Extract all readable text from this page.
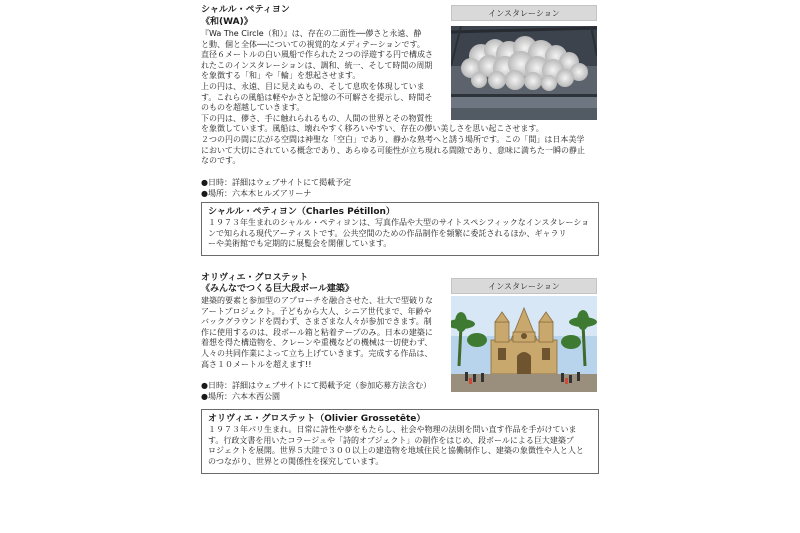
インスタレーション
シャルル・ペティヨン
《和(WA)》
『Wa The Circle（和）』は、存在の二面性──儚さと永遠、静
と動、個と全体──についての視覚的なメディテーションです。
直径６メートルの白い風船で作られた２つの浮遊する円で構成さ
れたこのインスタレーションは、調和、統一、そして時間の周期
を象徴する「和」や「輪」を想起させます。
上の円は、永遠、目に見えぬもの、そして息吹を体現していま
す。これらの風船は軽やかさと記憶の不可解さを提示し、時間そ
のものを超越していきます。
下の円は、儚さ、手に触れられるもの、人間の世界とその物質性
を象徴しています。風船は、壊れやすく移ろいやすい、存在の儚い美しさを思い起こさせます。
２つの円の間に広がる空間は神聖な「空白」であり、静かな熟考へと誘う場所です。この「間」は日本美学
において大切にされている概念であり、あらゆる可能性が立ち現れる間隙であり、意味に満ちた一瞬の静止
なのです。
●日時：詳細はウェブサイトにて掲載予定
●場所：六本木ヒルズアリーナ
シャルル・ペティヨン（Charles Pétillon）
１９７３年生まれのシャルル・ペティヨンは、写真作品や大型のサイトスペシフィックなインスタレーショ
ンで知られる現代アーティストです。公共空間のための作品制作を頻繁に委託されるほか、ギャラリ
ーや美術館でも定期的に展覧会を開催しています。
インスタレーション
オリヴィエ・グロステット
《みんなでつくる巨大段ボール建築》
建築的要素と参加型のアプローチを融合させた、壮大で型破りな
アートプロジェクト。子どもから大人、シニア世代まで、年齢や
バックグラウンドを問わず、さまざまな人々が参加できます。制
作に使用するのは、段ボール箱と粘着テープのみ。日本の建築に
着想を得た構造物を、クレーンや重機などの機械は一切使わず、
人々の共同作業によって立ち上げていきます。完成する作品は、
高さ１０メートルを超えます!!
●日時：詳細はウェブサイトにて掲載予定（参加応募方法含む）
●場所：六本木西公園
オリヴィエ・グロステット（Olivier Grossetête）
１９７３年パリ生まれ。日常に詩性や夢をもたらし、社会や物理の法則を問い直す作品を手がけていま
す。行政文書を用いたコラージュや「詩的オブジェクト」の制作をはじめ、段ボールによる巨大建築プ
ロジェクトを展開。世界５大陸で３００以上の建造物を地域住民と協働制作し、建築の象徴性や人と人と
のつながり、世界との関係性を探究しています。
